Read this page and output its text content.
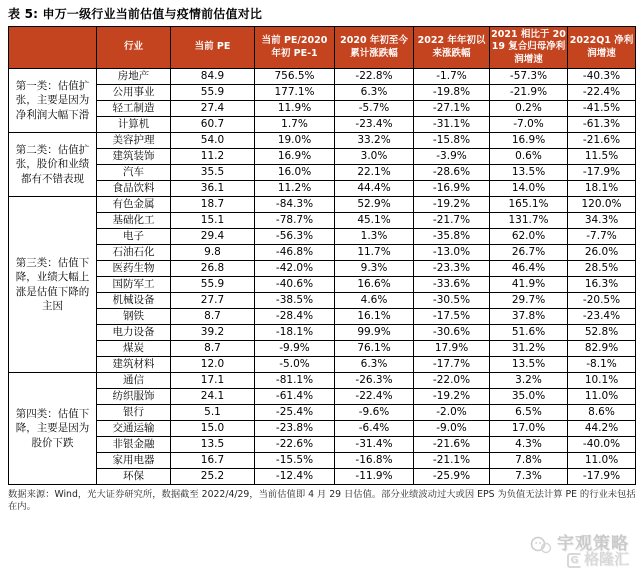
表 5: 申万一级行业当前估值与疫情前估值对比
	行业	当前 PE	当前 PE/2020 年初 PE-1	2020 年初至今累计涨跌幅	2022 年年初以来涨跌幅	2021 相比于 2019 复合归母净利润增速	2022Q1 净利润增速
第一类：估值扩张，主要是因为净利润大幅下滑	房地产	84.9	756.5%	-22.8%	-1.7%	-57.3%	-40.3%
	公用事业	55.9	177.1%	6.3%	-19.8%	-21.9%	-22.4%
	轻工制造	27.4	11.9%	-5.7%	-27.1%	0.2%	-41.5%
	计算机	60.7	1.7%	-23.4%	-31.1%	-7.0%	-61.3%
第二类：估值扩张，股价和业绩都有不错表现	美容护理	54.0	19.0%	33.2%	-15.8%	16.9%	-21.6%
	建筑装饰	11.2	16.9%	3.0%	-3.9%	0.6%	11.5%
	汽车	35.5	16.0%	22.1%	-28.6%	13.5%	-17.9%
	食品饮料	36.1	11.2%	44.4%	-16.9%	14.0%	18.1%
第三类：估值下降，业绩大幅上涨是估值下降的主因	有色金属	18.7	-84.3%	52.9%	-19.2%	165.1%	120.0%
	基础化工	15.1	-78.7%	45.1%	-21.7%	131.7%	34.3%
	电子	29.4	-56.3%	1.3%	-35.8%	62.0%	-7.7%
	石油石化	9.8	-46.8%	11.7%	-13.0%	26.7%	26.0%
	医药生物	26.8	-42.0%	9.3%	-23.3%	46.4%	28.5%
	国防军工	55.9	-40.6%	16.6%	-33.6%	41.9%	16.3%
	机械设备	27.7	-38.5%	4.6%	-30.5%	29.7%	-20.5%
	钢铁	8.7	-28.4%	16.1%	-17.5%	37.8%	-23.4%
	电力设备	39.2	-18.1%	99.9%	-30.6%	51.6%	52.8%
	煤炭	8.7	-9.9%	76.1%	17.9%	31.2%	82.9%
	建筑材料	12.0	-5.0%	6.3%	-17.7%	13.5%	-8.1%
第四类：估值下降，主要是因为股价下跌	通信	17.1	-81.1%	-26.3%	-22.0%	3.2%	10.1%
	纺织服饰	24.1	-61.4%	-22.4%	-19.2%	35.0%	11.0%
	银行	5.1	-25.4%	-9.6%	-2.0%	6.5%	8.6%
	交通运输	15.0	-23.8%	-6.4%	-9.0%	17.0%	44.2%
	非银金融	13.5	-22.6%	-31.4%	-21.6%	4.3%	-40.0%
	家用电器	16.7	-15.5%	-16.8%	-21.1%	7.8%	11.0%
	环保	25.2	-12.4%	-11.9%	-25.9%	7.3%	-17.9%
数据来源：Wind，光大证券研究所，数据截至 2022/4/29，当前估值即 4 月 29 日估值。部分业绩波动过大或因 EPS 为负值无法计算 PE 的行业未包括在内。
宇观策略
G 格隆汇
